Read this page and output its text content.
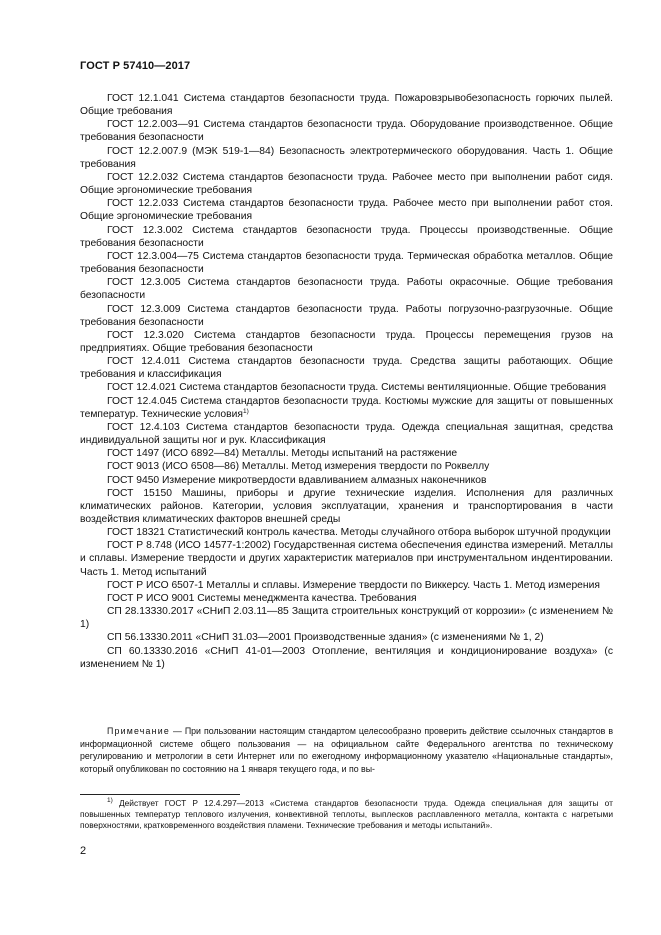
ГОСТ Р 57410—2017

ГОСТ 12.1.041 Система стандартов безопасности труда. Пожаровзрывобезопасность горючих пылей. Общие требования

ГОСТ 12.2.003—91 Система стандартов безопасности труда. Оборудование производственное. Общие требования безопасности

ГОСТ 12.2.007.9 (МЭК 519-1—84) Безопасность электротермического оборудования. Часть 1. Общие требования

ГОСТ 12.2.032 Система стандартов безопасности труда. Рабочее место при выполнении работ сидя. Общие эргономические требования

ГОСТ 12.2.033 Система стандартов безопасности труда. Рабочее место при выполнении работ стоя. Общие эргономические требования

ГОСТ 12.3.002 Система стандартов безопасности труда. Процессы производственные. Общие требования безопасности

ГОСТ 12.3.004—75 Система стандартов безопасности труда. Термическая обработка металлов. Общие требования безопасности

ГОСТ 12.3.005 Система стандартов безопасности труда. Работы окрасочные. Общие требования безопасности

ГОСТ 12.3.009 Система стандартов безопасности труда. Работы погрузочно-разгрузочные. Общие требования безопасности

ГОСТ 12.3.020 Система стандартов безопасности труда. Процессы перемещения грузов на предприятиях. Общие требования безопасности

ГОСТ 12.4.011 Система стандартов безопасности труда. Средства защиты работающих. Общие требования и классификация

ГОСТ 12.4.021 Система стандартов безопасности труда. Системы вентиляционные. Общие требования

ГОСТ 12.4.045 Система стандартов безопасности труда. Костюмы мужские для защиты от повышенных температур. Технические условия$^{1)}$

ГОСТ 12.4.103 Система стандартов безопасности труда. Одежда специальная защитная, средства индивидуальной защиты ног и рук. Классификация

ГОСТ 1497 (ИСО 6892—84) Металлы. Методы испытаний на растяжение

ГОСТ 9013 (ИСО 6508—86) Металлы. Метод измерения твердости по Роквеллу

ГОСТ 9450 Измерение микротвердости вдавливанием алмазных наконечников

ГОСТ 15150 Машины, приборы и другие технические изделия. Исполнения для различных климатических районов. Категории, условия эксплуатации, хранения и транспортирования в части воздействия климатических факторов внешней среды

ГОСТ 18321 Статистический контроль качества. Методы случайного отбора выборок штучной продукции

ГОСТ Р 8.748 (ИСО 14577-1:2002) Государственная система обеспечения единства измерений. Металлы и сплавы. Измерение твердости и других характеристик материалов при инструментальном индентировании. Часть 1. Метод испытаний

ГОСТ Р ИСО 6507-1 Металлы и сплавы. Измерение твердости по Виккерсу. Часть 1. Метод измерения

ГОСТ Р ИСО 9001 Системы менеджмента качества. Требования

СП 28.13330.2017 «СНиП 2.03.11—85 Защита строительных конструкций от коррозии» (с изменением № 1)

СП 56.13330.2011 «СНиП 31.03—2001 Производственные здания» (с изменениями № 1, 2)

СП 60.13330.2016 «СНиП 41-01—2003 Отопление, вентиляция и кондиционирование воздуха» (с изменением № 1)

Примечание — При пользовании настоящим стандартом целесообразно проверить действие ссылочных стандартов в информационной системе общего пользования — на официальном сайте Федерального агентства по техническому регулированию и метрологии в сети Интернет или по ежегодному информационному указателю «Национальные стандарты», который опубликован по состоянию на 1 января текущего года, и по вы-

$^{1)}$ Действует ГОСТ Р 12.4.297—2013 «Система стандартов безопасности труда. Одежда специальная для защиты от повышенных температур теплового излучения, конвективной теплоты, выплесков расплавленного металла, контакта с нагретыми поверхностями, кратковременного воздействия пламени. Технические требования и методы испытаний».

2
